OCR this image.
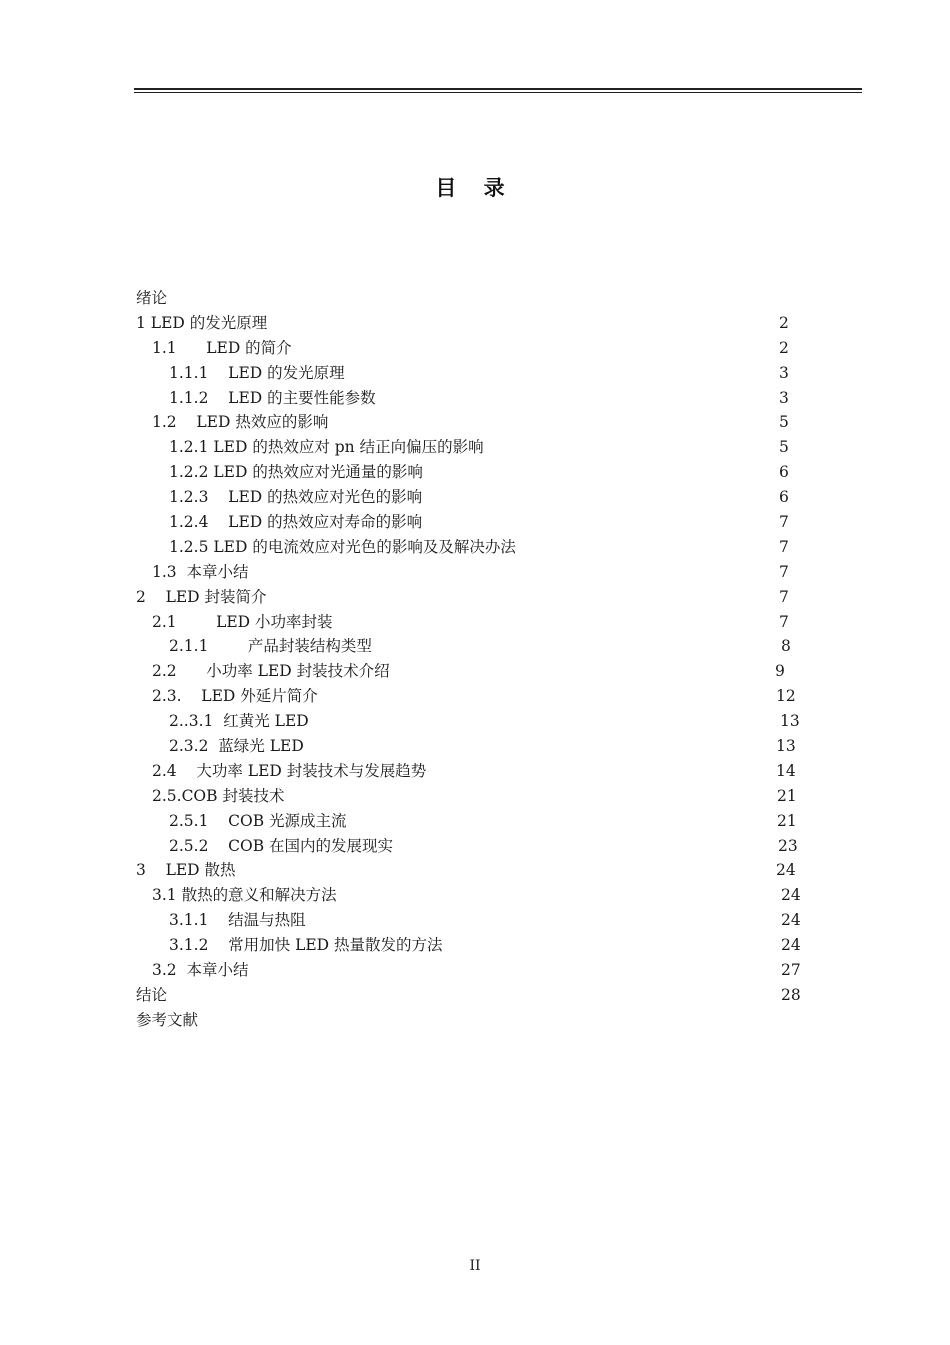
目 录
绪论
1 LED 的发光原理	2
1.1      LED 的简介	2
1.1.1    LED 的发光原理	3
1.1.2    LED 的主要性能参数	3
1.2    LED 热效应的影响	5
1.2.1 LED 的热效应对 pn 结正向偏压的影响	5
1.2.2 LED 的热效应对光通量的影响	6
1.2.3    LED 的热效应对光色的影响	6
1.2.4    LED 的热效应对寿命的影响	7
1.2.5 LED 的电流效应对光色的影响及及解决办法	7
1.3  本章小结	7
2    LED 封装简介	7
2.1        LED 小功率封装	7
2.1.1        产品封装结构类型	8
2.2      小功率 LED 封装技术介绍	9
2.3.    LED 外延片简介	12
2..3.1  红黄光 LED	13
2.3.2  蓝绿光 LED	13
2.4    大功率 LED 封装技术与发展趋势	14
2.5.COB 封装技术	21
2.5.1    COB 光源成主流	21
2.5.2    COB 在国内的发展现实	23
3    LED 散热	24
3.1 散热的意义和解决方法	24
3.1.1    结温与热阻	24
3.1.2    常用加快 LED 热量散发的方法	24
3.2  本章小结	27
结论	28
参考文献
II
